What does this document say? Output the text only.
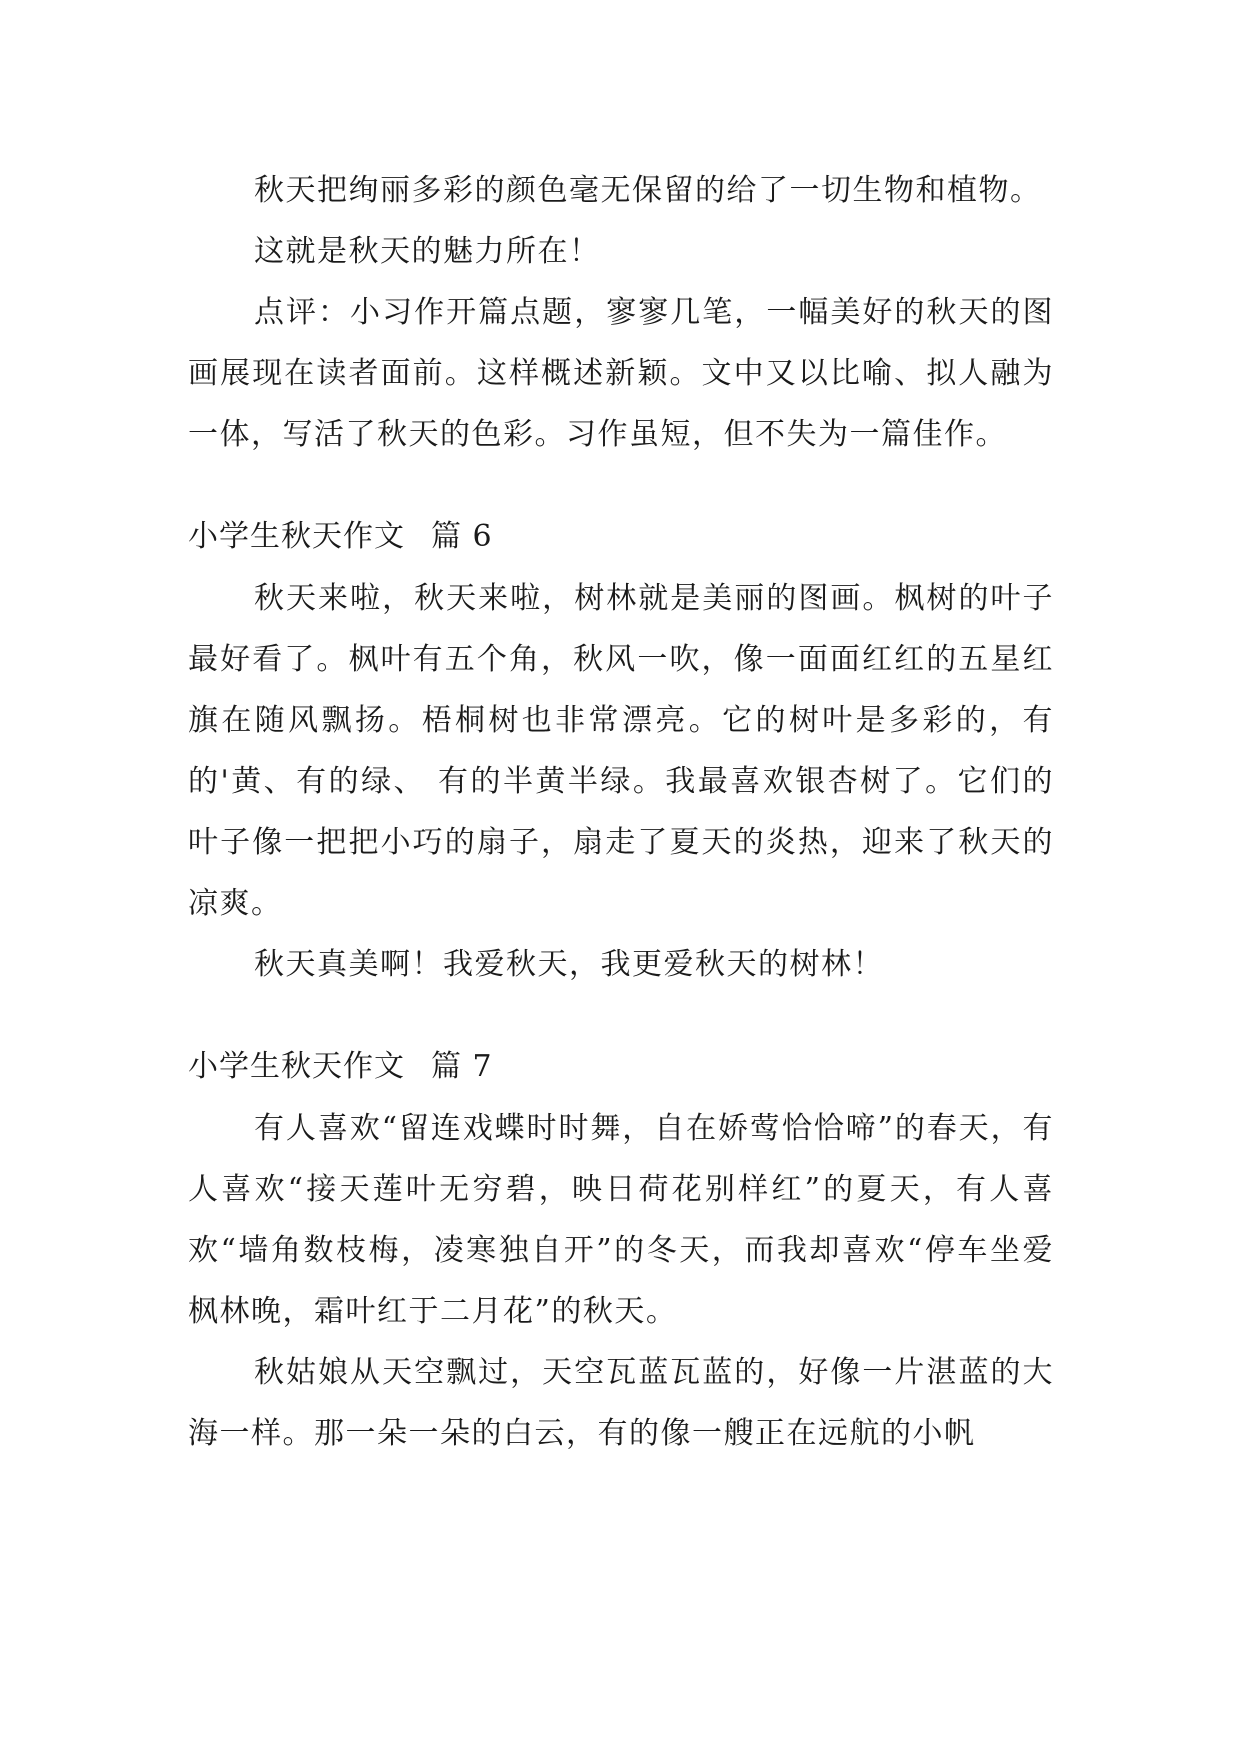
秋天把绚丽多彩的颜色毫无保留的给了一切生物和植物。

这就是秋天的魅力所在！

点评：小习作开篇点题，寥寥几笔，一幅美好的秋天的图画展现在读者面前。这样概述新颖。文中又以比喻、拟人融为一体，写活了秋天的色彩。习作虽短，但不失为一篇佳作。

小学生秋天作文 篇 6

秋天来啦，秋天来啦，树林就是美丽的图画。枫树的叶子最好看了。枫叶有五个角，秋风一吹，像一面面红红的五星红旗在随风飘扬。梧桐树也非常漂亮。它的树叶是多彩的，有的'黄、有的绿、 有的半黄半绿。我最喜欢银杏树了。它们的叶子像一把把小巧的扇子，扇走了夏天的炎热，迎来了秋天的凉爽。

秋天真美啊！我爱秋天，我更爱秋天的树林！

小学生秋天作文 篇 7

有人喜欢“留连戏蝶时时舞，自在娇莺恰恰啼”的春天，有人喜欢“接天莲叶无穷碧，映日荷花别样红”的夏天，有人喜欢“墙角数枝梅，凌寒独自开”的冬天，而我却喜欢“停车坐爱枫林晚，霜叶红于二月花”的秋天。

秋姑娘从天空飘过，天空瓦蓝瓦蓝的，好像一片湛蓝的大海一样。那一朵一朵的白云，有的像一艘正在远航的小帆
